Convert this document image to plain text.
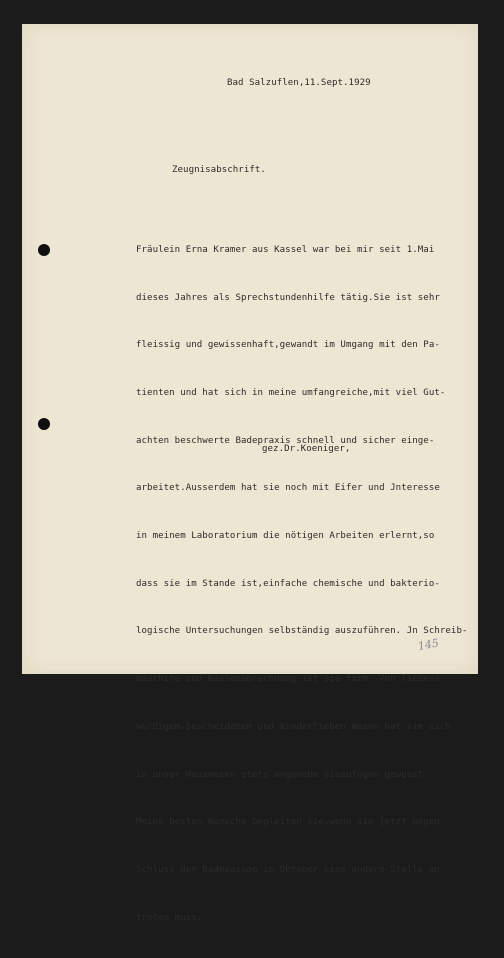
Bad Salzuflen,11.Sept.1929
Zeugnisabschrift.

Fräulein Erna Kramer aus Kassel war bei mir seit 1.Mai

dieses Jahres als Sprechstundenhilfe tätig.Sie ist sehr

fleissig und gewissenhaft,gewandt im Umgang mit den Pa-

tienten und hat sich in meine umfangreiche,mit viel Gut-

achten beschwerte Badepraxis schnell und sicher einge-

arbeitet.Ausserdem hat sie noch mit Eifer und Jnteresse

in meinem Laboratorium die nötigen Arbeiten erlernt,so

dass sie im Stande ist,einfache chemische und bakterio-

logische Untersuchungen selbständig auszuführen. Jn Schreib-

maschine und Kassenabrechnung ist sie firm.-Von liebens-

würdigem,bescheidenem und kinderlieben Wesen hat sie sich

in unser Hauswesen stets angenehm einzufügen gewusst.

Meine besten Wünsche begleiten sie,wenn sie jetzt wegen

Schluss der Badesaison im Oktober eine andere Stelle an-

treten muss.

gez.Dr.Koeniger,
145
